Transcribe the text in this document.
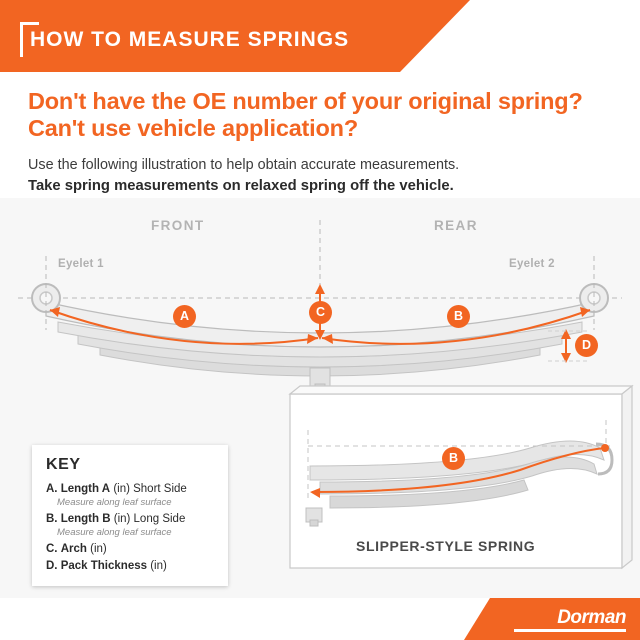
HOW TO MEASURE SPRINGS
Don't have the OE number of your original spring? Can't use vehicle application?
Use the following illustration to help obtain accurate measurements.
Take spring measurements on relaxed spring off the vehicle.
FRONT	REAR
Eyelet 1	Eyelet 2
A	B
C
D
B
SLIPPER-STYLE SPRING
KEY
A. Length A (in) Short Side
Measure along leaf surface
B. Length B (in) Long Side
Measure along leaf surface
C. Arch (in)
D. Pack Thickness (in)
Dorman
